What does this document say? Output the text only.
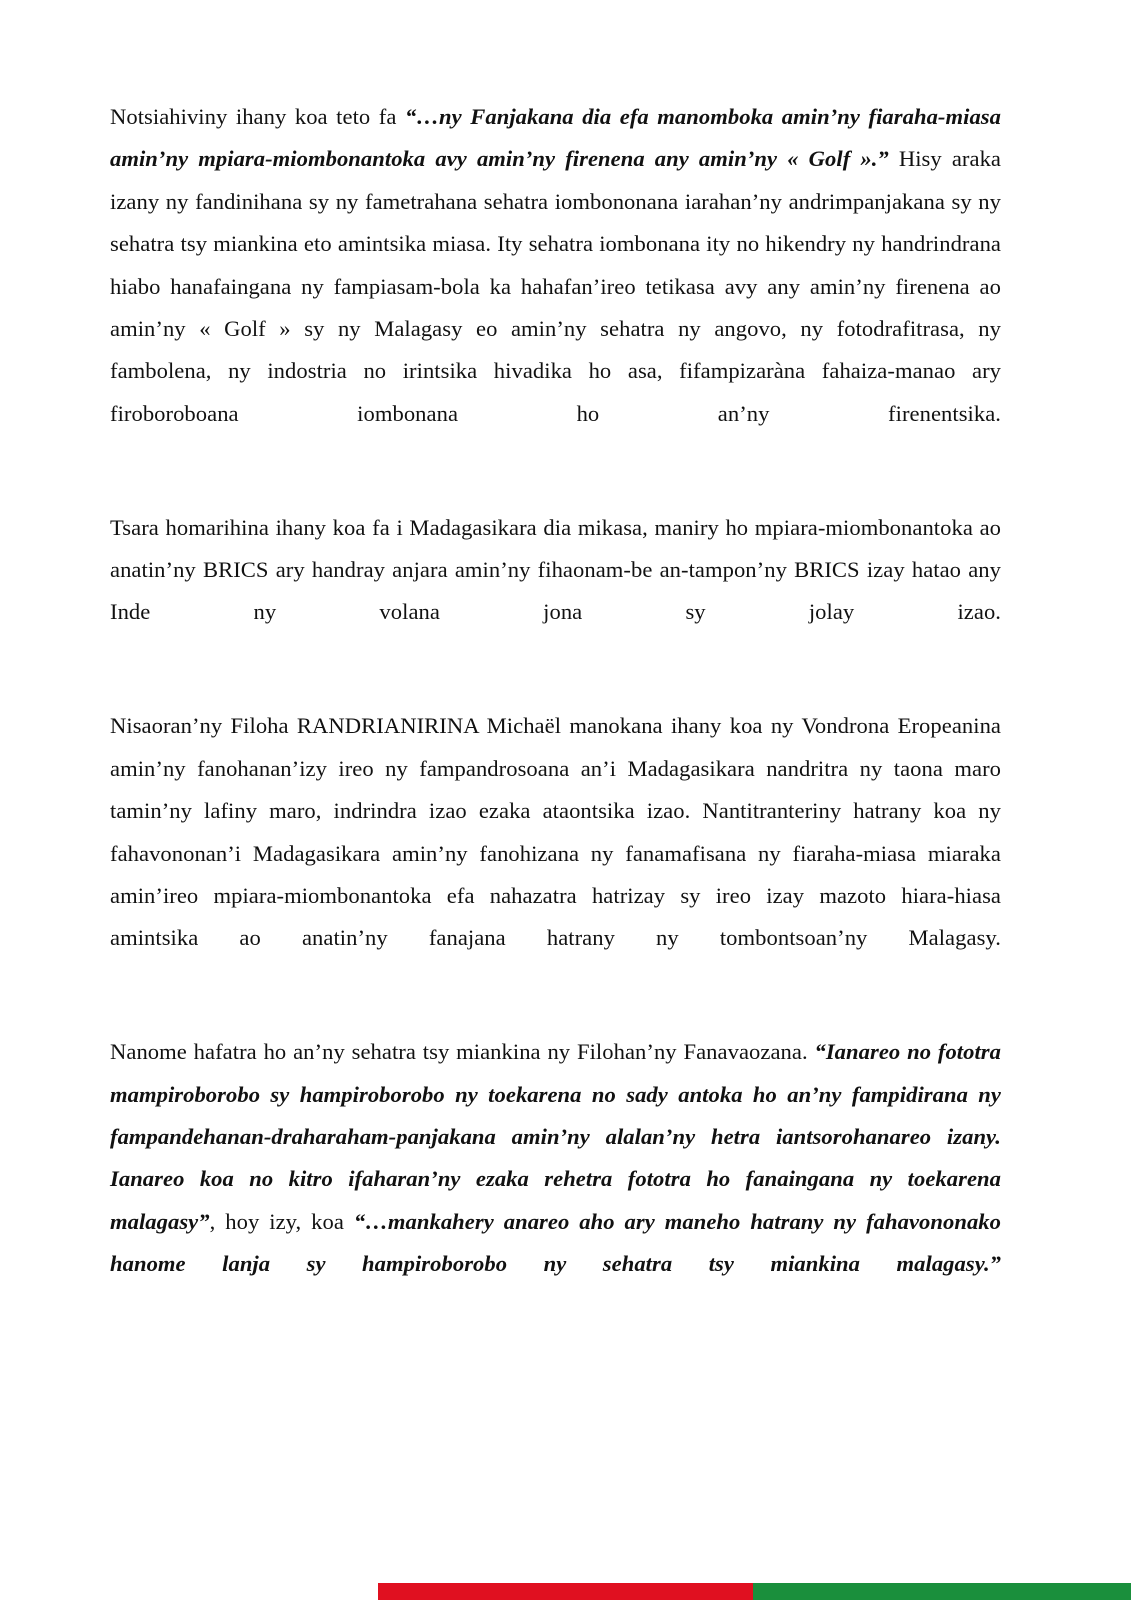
Notsiahiviny ihany koa teto fa “…ny Fanjakana dia efa manomboka amin’ny fiaraha-miasa amin’ny mpiara-miombonantoka avy amin’ny firenena any amin’ny « Golf ».” Hisy araka izany ny fandinihana sy ny fametrahana sehatra iombononana iarahan’ny andrimpanjakana sy ny sehatra tsy miankina eto amintsika miasa. Ity sehatra iombonana ity no hikendry ny handrindrana hiabo hanafaingana ny fampiasam-bola ka hahafan’ireo tetikasa avy any amin’ny firenena ao amin’ny « Golf » sy ny Malagasy eo amin’ny sehatra ny angovo, ny fotodrafitrasa, ny fambolena, ny indostria no irintsika hivadika ho asa, fifampizaràna fahaiza-manao ary firoboroboana iombonana ho an’ny firenentsika.

Tsara homarihina ihany koa fa i Madagasikara dia mikasa, maniry ho mpiara-miombonantoka ao anatin’ny BRICS ary handray anjara amin’ny fihaonam-be an-tampon’ny BRICS izay hatao any Inde ny volana jona sy jolay izao.

Nisaoran’ny Filoha RANDRIANIRINA Michaël manokana ihany koa ny Vondrona Eropeanina amin’ny fanohanan’izy ireo ny fampandrosoana an’i Madagasikara nandritra ny taona maro tamin’ny lafiny maro, indrindra izao ezaka ataontsika izao. Nantitranteriny hatrany koa ny fahavononan’i Madagasikara amin’ny fanohizana ny fanamafisana ny fiaraha-miasa miaraka amin’ireo mpiara-miombonantoka efa nahazatra hatrizay sy ireo izay mazoto hiara-hiasa amintsika ao anatin’ny fanajana hatrany ny tombontsoan’ny Malagasy.

Nanome hafatra ho an’ny sehatra tsy miankina ny Filohan’ny Fanavaozana. “Ianareo no fototra mampiroborobo sy hampiroborobo ny toekarena no sady antoka ho an’ny fampidirana ny fampandehanan-draharaham-panjakana amin’ny alalan’ny hetra iantsorohanareo izany. Ianareo koa no kitro ifaharan’ny ezaka rehetra fototra ho fanaingana ny toekarena malagasy”, hoy izy, koa “…mankahery anareo aho ary maneho hatrany ny fahavononako hanome lanja sy hampiroborobo ny sehatra tsy miankina malagasy.”
